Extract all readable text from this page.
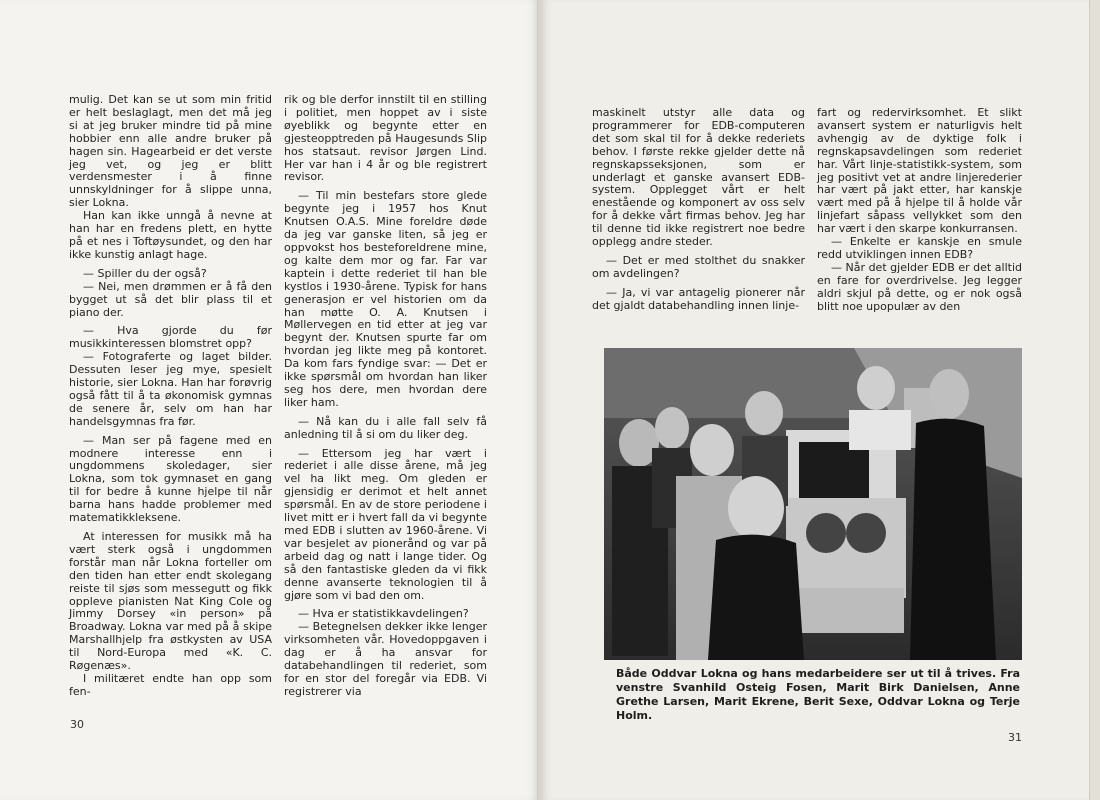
mulig. Det kan se ut som min fritid er helt beslaglagt, men det må jeg si at jeg bruker mindre tid på mine hobbier enn alle andre bruker på hagen sin. Hagearbeid er det verste jeg vet, og jeg er blitt verdensmester i å finne unnskyldninger for å slippe unna, sier Lokna.

Han kan ikke unngå å nevne at han har en fredens plett, en hytte på et nes i Toftøysundet, og den har ikke kunstig anlagt hage.

— Spiller du der også?

— Nei, men drømmen er å få den bygget ut så det blir plass til et piano der.

— Hva gjorde du før musikkinteressen blomstret opp?

— Fotograferte og laget bilder. Dessuten leser jeg mye, spesielt historie, sier Lokna. Han har forøvrig også fått til å ta økonomisk gymnas de senere år, selv om han har handelsgymnas fra før.

— Man ser på fagene med en modnere interesse enn i ungdommens skoledager, sier Lokna, som tok gymnaset en gang til for bedre å kunne hjelpe til når barna hans hadde problemer med matematikkleksene.

At interessen for musikk må ha vært sterk også i ungdommen forstår man når Lokna forteller om den tiden han etter endt skolegang reiste til sjøs som messegutt og fikk oppleve pianisten Nat King Cole og Jimmy Dorsey «in person» på Broadway. Lokna var med på å skipe Marshallhjelp fra østkysten av USA til Nord-Europa med «K. C. Røgenæs».

I militæret endte han opp som fen-

rik og ble derfor innstilt til en stilling i politiet, men hoppet av i siste øyeblikk og begynte etter en gjesteopptreden på Haugesunds Slip hos statsaut. revisor Jørgen Lind. Her var han i 4 år og ble registrert revisor.

— Til min bestefars store glede begynte jeg i 1957 hos Knut Knutsen O.A.S. Mine foreldre døde da jeg var ganske liten, så jeg er oppvokst hos besteforeldrene mine, og kalte dem mor og far. Far var kaptein i dette rederiet til han ble kystlos i 1930-årene. Typisk for hans generasjon er vel historien om da han møtte O. A. Knutsen i Møllervegen en tid etter at jeg var begynt der. Knutsen spurte far om hvordan jeg likte meg på kontoret. Da kom fars fyndige svar: — Det er ikke spørsmål om hvordan han liker seg hos dere, men hvordan dere liker ham.

— Nå kan du i alle fall selv få anledning til å si om du liker deg.

— Ettersom jeg har vært i rederiet i alle disse årene, må jeg vel ha likt meg. Om gleden er gjensidig er derimot et helt annet spørsmål. En av de store periodene i livet mitt er i hvert fall da vi begynte med EDB i slutten av 1960-årene. Vi var besjelet av pionerånd og var på arbeid dag og natt i lange tider. Og så den fantastiske gleden da vi fikk denne avanserte teknologien til å gjøre som vi bad den om.

— Hva er statistikkavdelingen?

— Betegnelsen dekker ikke lenger virksomheten vår. Hovedoppgaven i dag er å ha ansvar for databehandlingen til rederiet, som for en stor del foregår via EDB. Vi registrerer via

30

maskinelt utstyr alle data og programmerer for EDB-computeren det som skal til for å dekke rederiets behov. I første rekke gjelder dette nå regnskapsseksjonen, som er underlagt et ganske avansert EDB-system. Opplegget vårt er helt enestående og komponert av oss selv for å dekke vårt firmas behov. Jeg har til denne tid ikke registrert noe bedre opplegg andre steder.

— Det er med stolthet du snakker om avdelingen?

— Ja, vi var antagelig pionerer når det gjaldt databehandling innen linje-

fart og redervirksomhet. Et slikt avansert system er naturligvis helt avhengig av de dyktige folk i regnskapsavdelingen som rederiet har. Vårt linje-statistikk-system, som jeg positivt vet at andre linjerederier har vært på jakt etter, har kanskje vært med på å hjelpe til å holde vår linjefart såpass vellykket som den har vært i den skarpe konkurransen.

— Enkelte er kanskje en smule redd utviklingen innen EDB?

— Når det gjelder EDB er det alltid en fare for overdrivelse. Jeg legger aldri skjul på dette, og er nok også blitt noe upopulær av den

Både Oddvar Lokna og hans medarbeidere ser ut til å trives. Fra venstre Svanhild Osteig Fosen, Marit Birk Danielsen, Anne Grethe Larsen, Marit Ekrene, Berit Sexe, Oddvar Lokna og Terje Holm.
31
